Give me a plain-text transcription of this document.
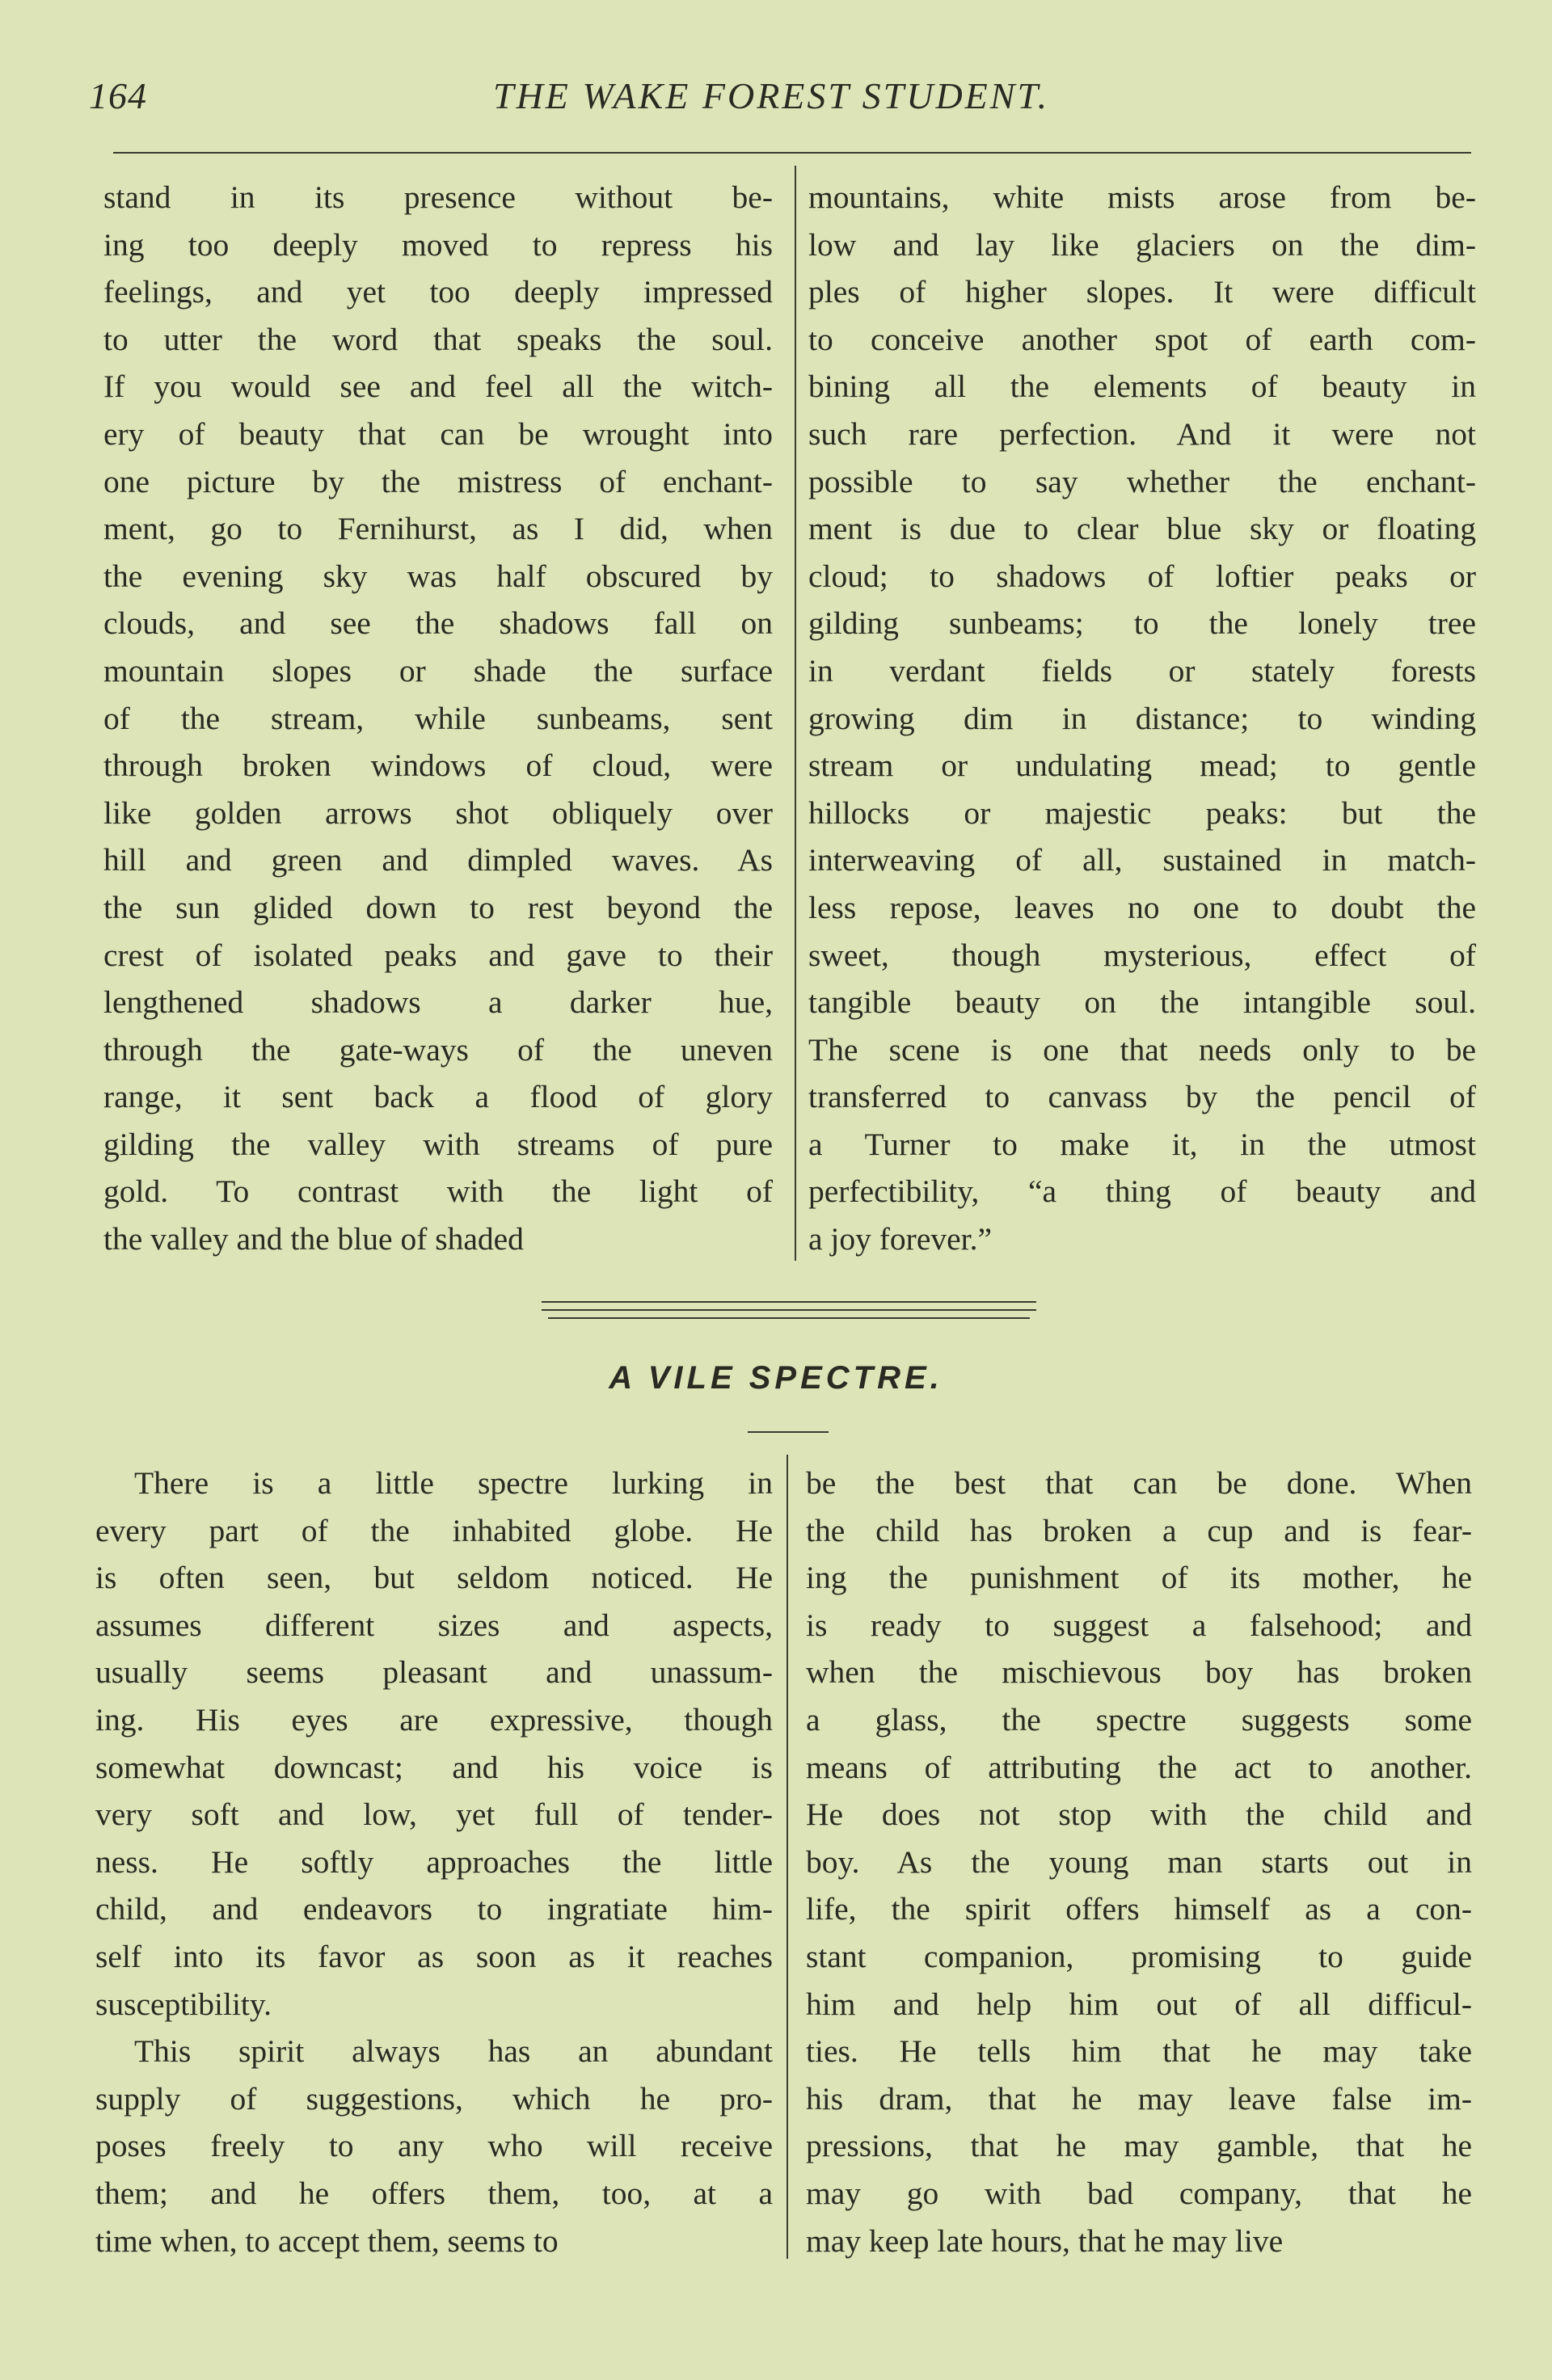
164	THE WAKE FOREST STUDENT.
stand in its presence without be-
ing too deeply moved to repress his
feelings, and yet too deeply impressed
to utter the word that speaks the soul.
If you would see and feel all the witch-
ery of beauty that can be wrought into
one picture by the mistress of enchant-
ment, go to Fernihurst, as I did, when
the evening sky was half obscured by
clouds, and see the shadows fall on
mountain slopes or shade the surface
of the stream, while sunbeams, sent
through broken windows of cloud, were
like golden arrows shot obliquely over
hill and green and dimpled waves. As
the sun glided down to rest beyond the
crest of isolated peaks and gave to their
lengthened shadows a darker hue,
through the gate-ways of the uneven
range, it sent back a flood of glory
gilding the valley with streams of pure
gold. To contrast with the light of
the valley and the blue of shaded
mountains, white mists arose from be-
low and lay like glaciers on the dim-
ples of higher slopes. It were difficult
to conceive another spot of earth com-
bining all the elements of beauty in
such rare perfection. And it were not
possible to say whether the enchant-
ment is due to clear blue sky or floating
cloud; to shadows of loftier peaks or
gilding sunbeams; to the lonely tree
in verdant fields or stately forests
growing dim in distance; to winding
stream or undulating mead; to gentle
hillocks or majestic peaks: but the
interweaving of all, sustained in match-
less repose, leaves no one to doubt the
sweet, though mysterious, effect of
tangible beauty on the intangible soul.
The scene is one that needs only to be
transferred to canvass by the pencil of
a Turner to make it, in the utmost
perfectibility, “a thing of beauty and
a joy forever.”
A VILE SPECTRE.
There is a little spectre lurking in
every part of the inhabited globe. He
is often seen, but seldom noticed. He
assumes different sizes and aspects,
usually seems pleasant and unassum-
ing. His eyes are expressive, though
somewhat downcast; and his voice is
very soft and low, yet full of tender-
ness. He softly approaches the little
child, and endeavors to ingratiate him-
self into its favor as soon as it reaches
susceptibility.
This spirit always has an abundant
supply of suggestions, which he pro-
poses freely to any who will receive
them; and he offers them, too, at a
time when, to accept them, seems to
be the best that can be done. When
the child has broken a cup and is fear-
ing the punishment of its mother, he
is ready to suggest a falsehood; and
when the mischievous boy has broken
a glass, the spectre suggests some
means of attributing the act to another.
He does not stop with the child and
boy. As the young man starts out in
life, the spirit offers himself as a con-
stant companion, promising to guide
him and help him out of all difficul-
ties. He tells him that he may take
his dram, that he may leave false im-
pressions, that he may gamble, that he
may go with bad company, that he
may keep late hours, that he may live
